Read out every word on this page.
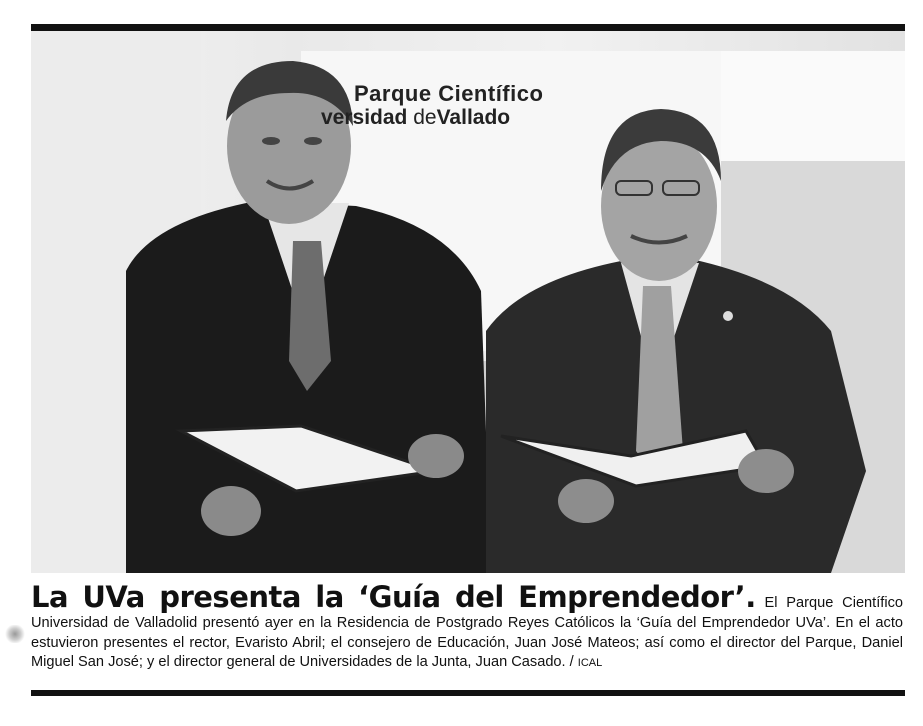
Parque Científico
versidad deVallado
La UVa presenta la ‘Guía del Emprendedor’. El Parque Científico Universidad de Valladolid presentó ayer en la Residencia de Postgrado Reyes Católicos la ‘Guía del Emprendedor UVa’. En el acto estuvieron presentes el rector, Evaristo Abril; el consejero de Educación, Juan José Mateos; así como el director del Parque, Daniel Miguel San José; y el director general de Universidades de la Junta, Juan Casado. / ICAL
